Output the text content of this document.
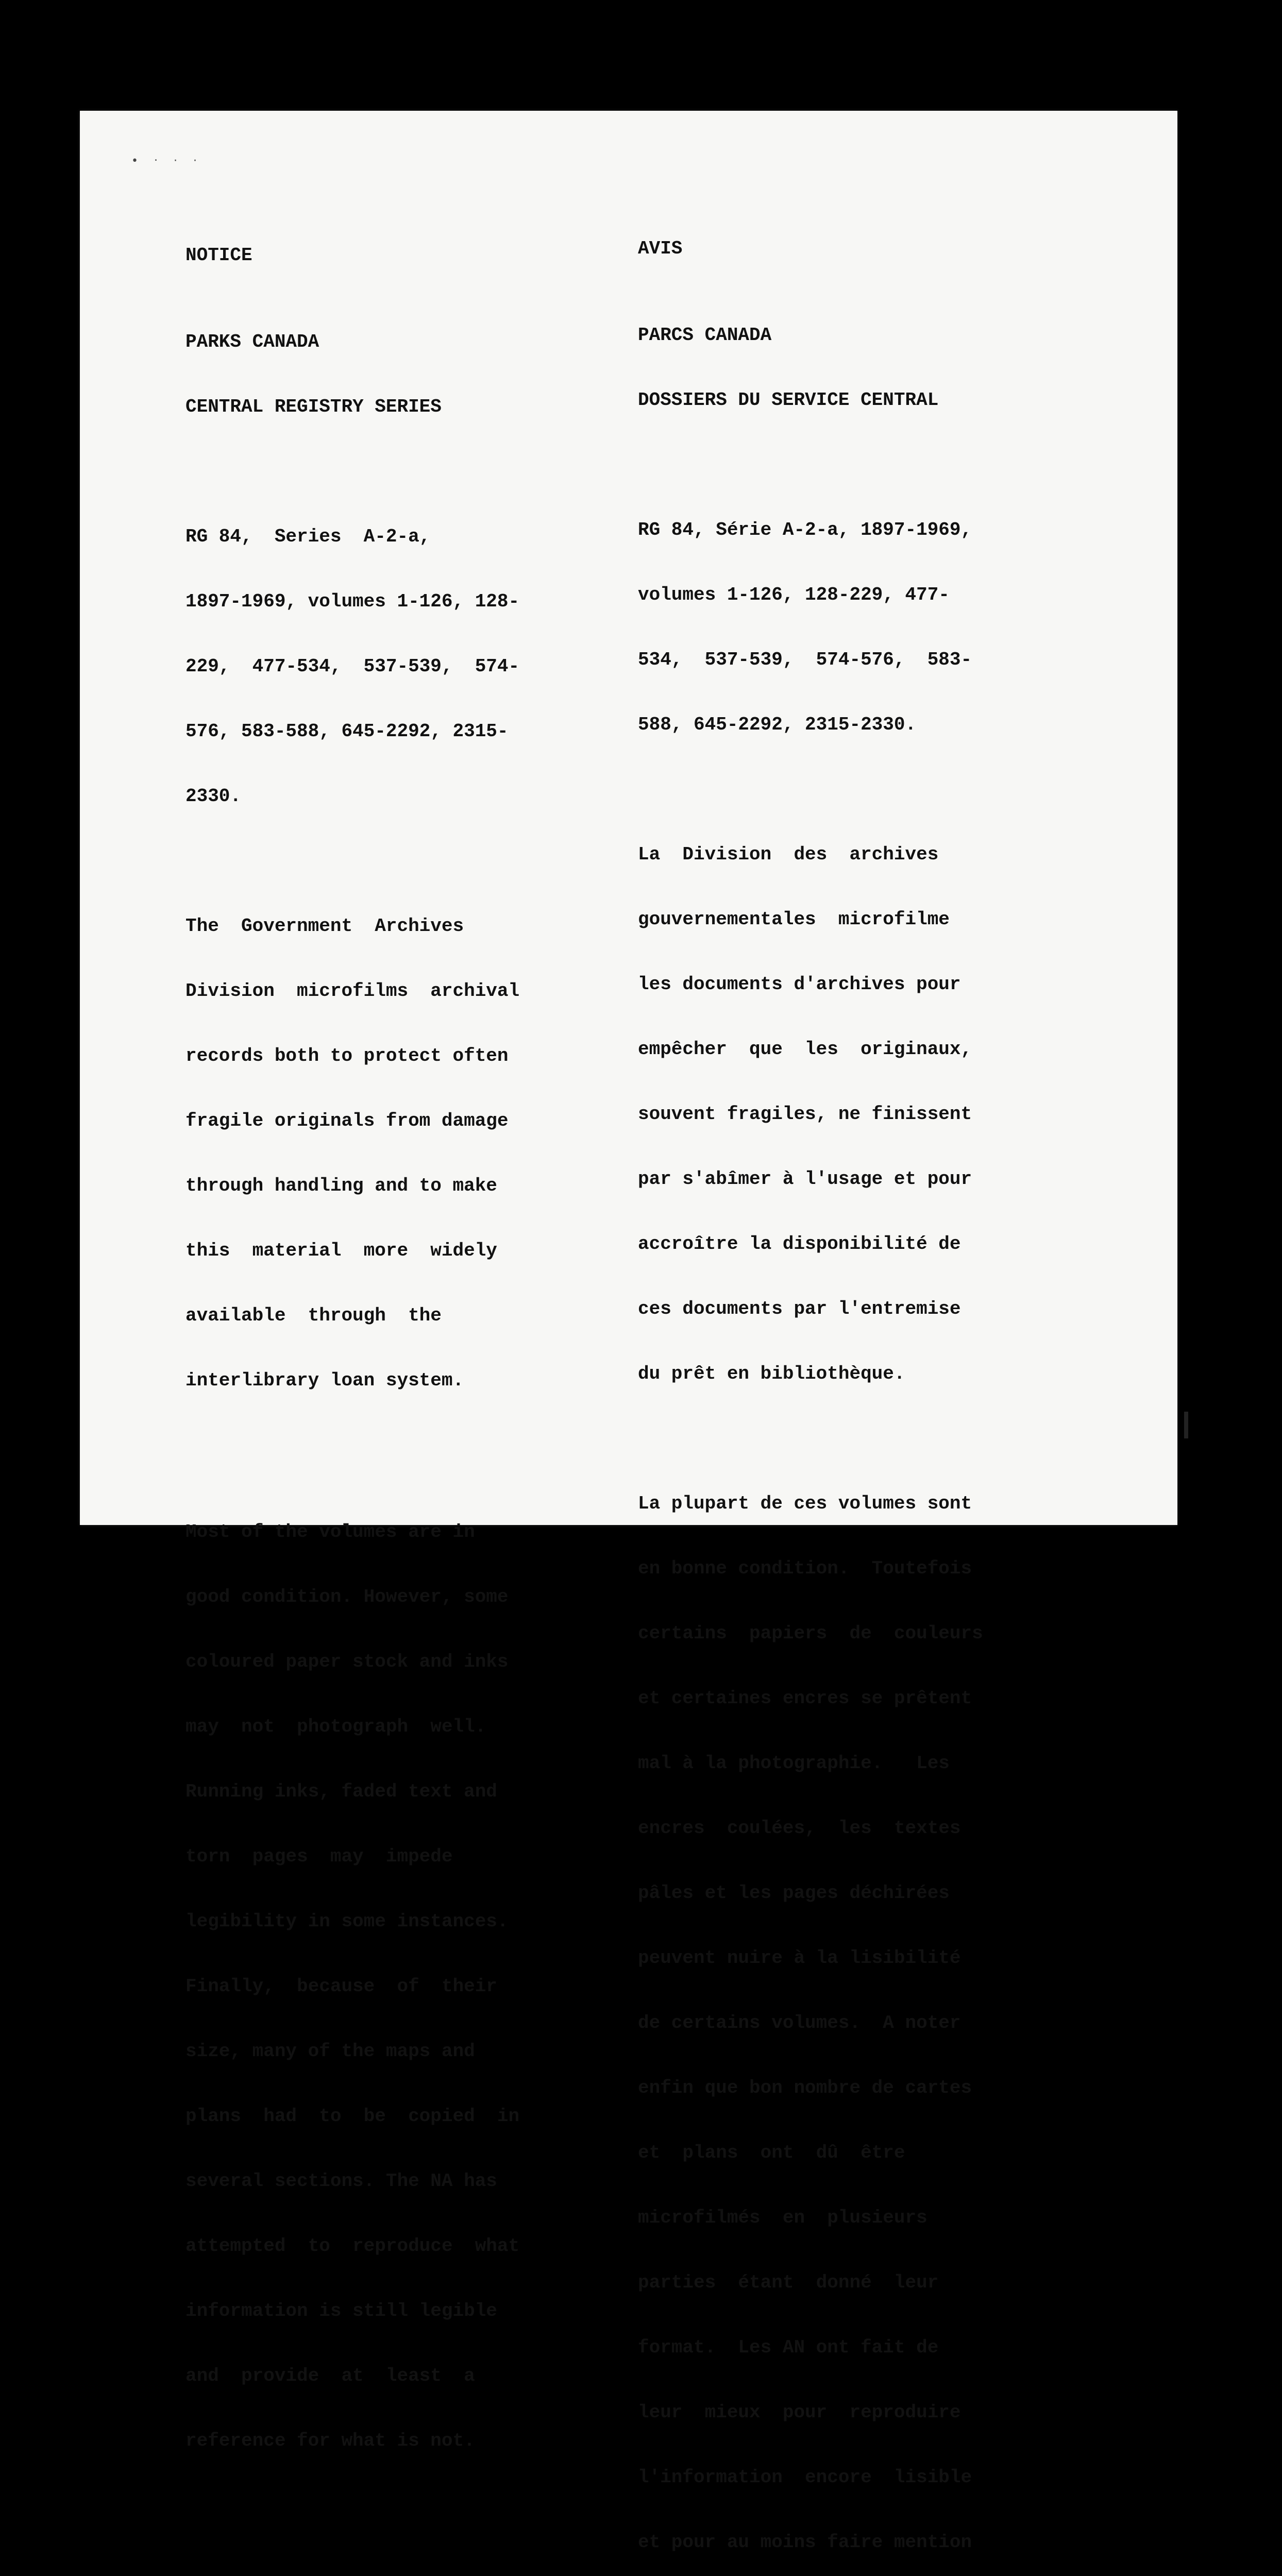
• ‧ · ·

NOTICE

PARKS CANADA

CENTRAL REGISTRY SERIES

RG 84,  Series  A-2-a,

1897-1969, volumes 1-126, 128-

229,  477-534,  537-539,  574-

576, 583-588, 645-2292, 2315-

2330.

The  Government  Archives

Division  microfilms  archival

records both to protect often

fragile originals from damage

through handling and to make

this  material  more  widely

available  through  the

interlibrary loan system.

Most of the volumes are in

good condition. However, some

coloured paper stock and inks

may  not  photograph  well.

Running inks, faded text and

torn  pages  may  impede

legibility in some instances.

Finally,  because  of  their

size, many of the maps and

plans  had  to  be  copied  in

several sections. The NA has

attempted  to  reproduce  what

information is still legible

and  provide  at  least  a

reference for what is not.

AVIS

PARCS CANADA

DOSSIERS DU SERVICE CENTRAL

RG 84, Série A-2-a, 1897-1969,

volumes 1-126, 128-229, 477-

534,  537-539,  574-576,  583-

588, 645-2292, 2315-2330.

La  Division  des  archives

gouvernementales  microfilme

les documents d'archives pour

empêcher  que  les  originaux,

souvent fragiles, ne finissent

par s'abîmer à l'usage et pour

accroître la disponibilité de

ces documents par l'entremise

du prêt en bibliothèque.

La plupart de ces volumes sont

en bonne condition.  Toutefois

certains  papiers  de  couleurs

et certaines encres se prêtent

mal à la photographie.   Les

encres  coulées,  les  textes

pâles et les pages déchirées

peuvent nuire à la lisibilité

de certains volumes.  A noter

enfin que bon nombre de cartes

et  plans  ont  dû  être

microfilmés  en  plusieurs

parties  étant  donné  leur

format.  Les AN ont fait de

leur  mieux  pour  reproduire

l'information  encore  lisible

et pour au moins faire mention
